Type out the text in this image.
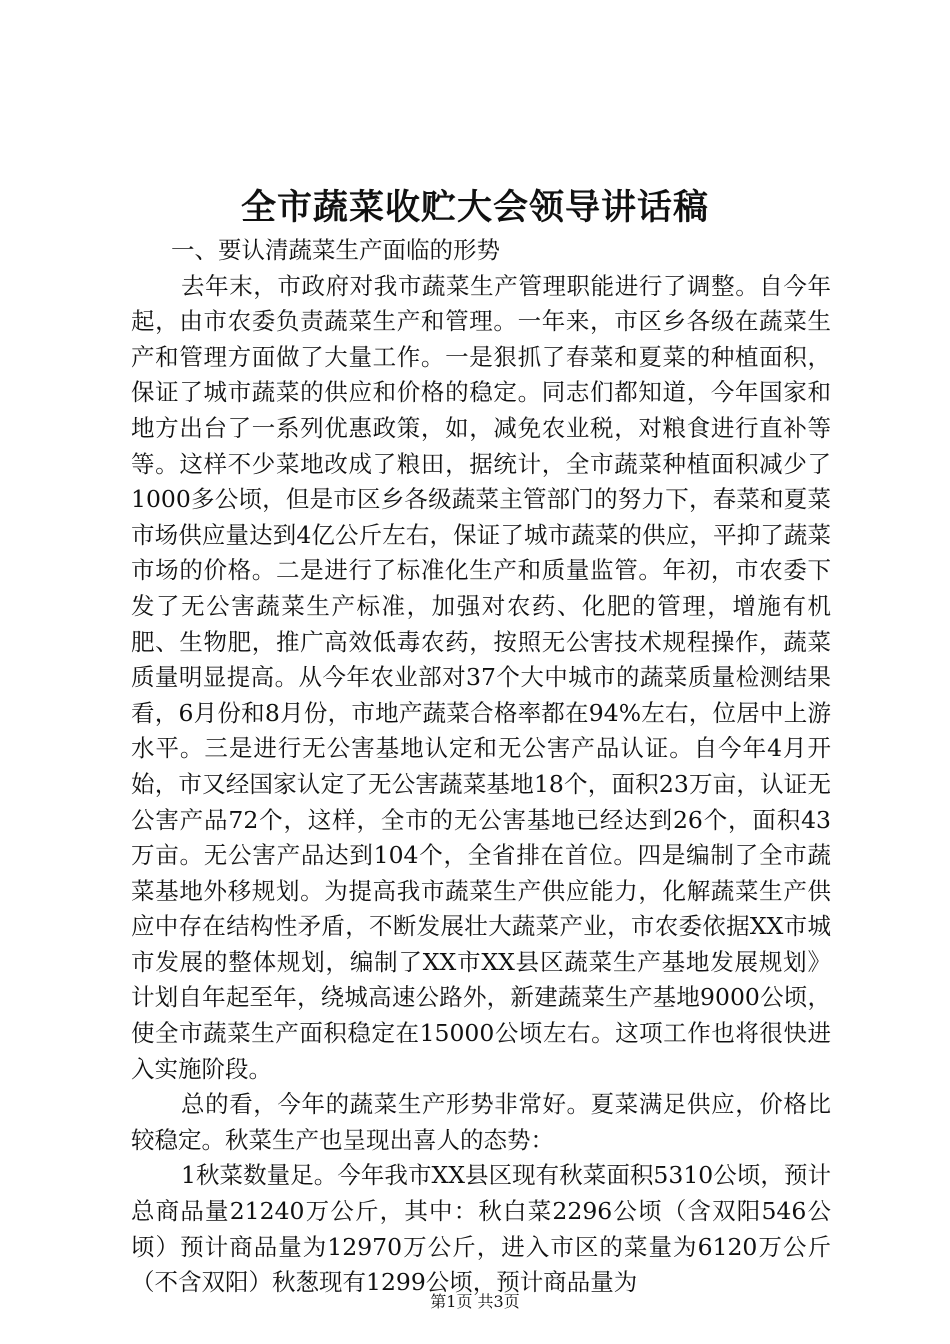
全市蔬菜收贮大会领导讲话稿

一、要认清蔬菜生产面临的形势

去年末，市政府对我市蔬菜生产管理职能进行了调整。自今年起，由市农委负责蔬菜生产和管理。一年来，市区乡各级在蔬菜生产和管理方面做了大量工作。一是狠抓了春菜和夏菜的种植面积，保证了城市蔬菜的供应和价格的稳定。同志们都知道，今年国家和地方出台了一系列优惠政策，如，减免农业税，对粮食进行直补等等。这样不少菜地改成了粮田，据统计，全市蔬菜种植面积减少了1000多公顷，但是市区乡各级蔬菜主管部门的努力下，春菜和夏菜市场供应量达到4亿公斤左右，保证了城市蔬菜的供应，平抑了蔬菜市场的价格。二是进行了标准化生产和质量监管。年初，市农委下发了无公害蔬菜生产标准，加强对农药、化肥的管理，增施有机肥、生物肥，推广高效低毒农药，按照无公害技术规程操作，蔬菜质量明显提高。从今年农业部对37个大中城市的蔬菜质量检测结果看，6月份和8月份，市地产蔬菜合格率都在94%左右，位居中上游水平。三是进行无公害基地认定和无公害产品认证。自今年4月开始，市又经国家认定了无公害蔬菜基地18个，面积23万亩，认证无公害产品72个，这样，全市的无公害基地已经达到26个，面积43万亩。无公害产品达到104个，全省排在首位。四是编制了全市蔬菜基地外移规划。为提高我市蔬菜生产供应能力，化解蔬菜生产供应中存在结构性矛盾，不断发展壮大蔬菜产业，市农委依据XX市城市发展的整体规划，编制了XX市XX县区蔬菜生产基地发展规划》计划自年起至年，绕城高速公路外，新建蔬菜生产基地9000公顷，使全市蔬菜生产面积稳定在15000公顷左右。这项工作也将很快进入实施阶段。

总的看，今年的蔬菜生产形势非常好。夏菜满足供应，价格比较稳定。秋菜生产也呈现出喜人的态势：

1秋菜数量足。今年我市XX县区现有秋菜面积5310公顷，预计总商品量21240万公斤，其中：秋白菜2296公顷（含双阳546公顷）预计商品量为12970万公斤，进入市区的菜量为6120万公斤（不含双阳）秋葱现有1299公顷，预计商品量为

第1页 共3页
